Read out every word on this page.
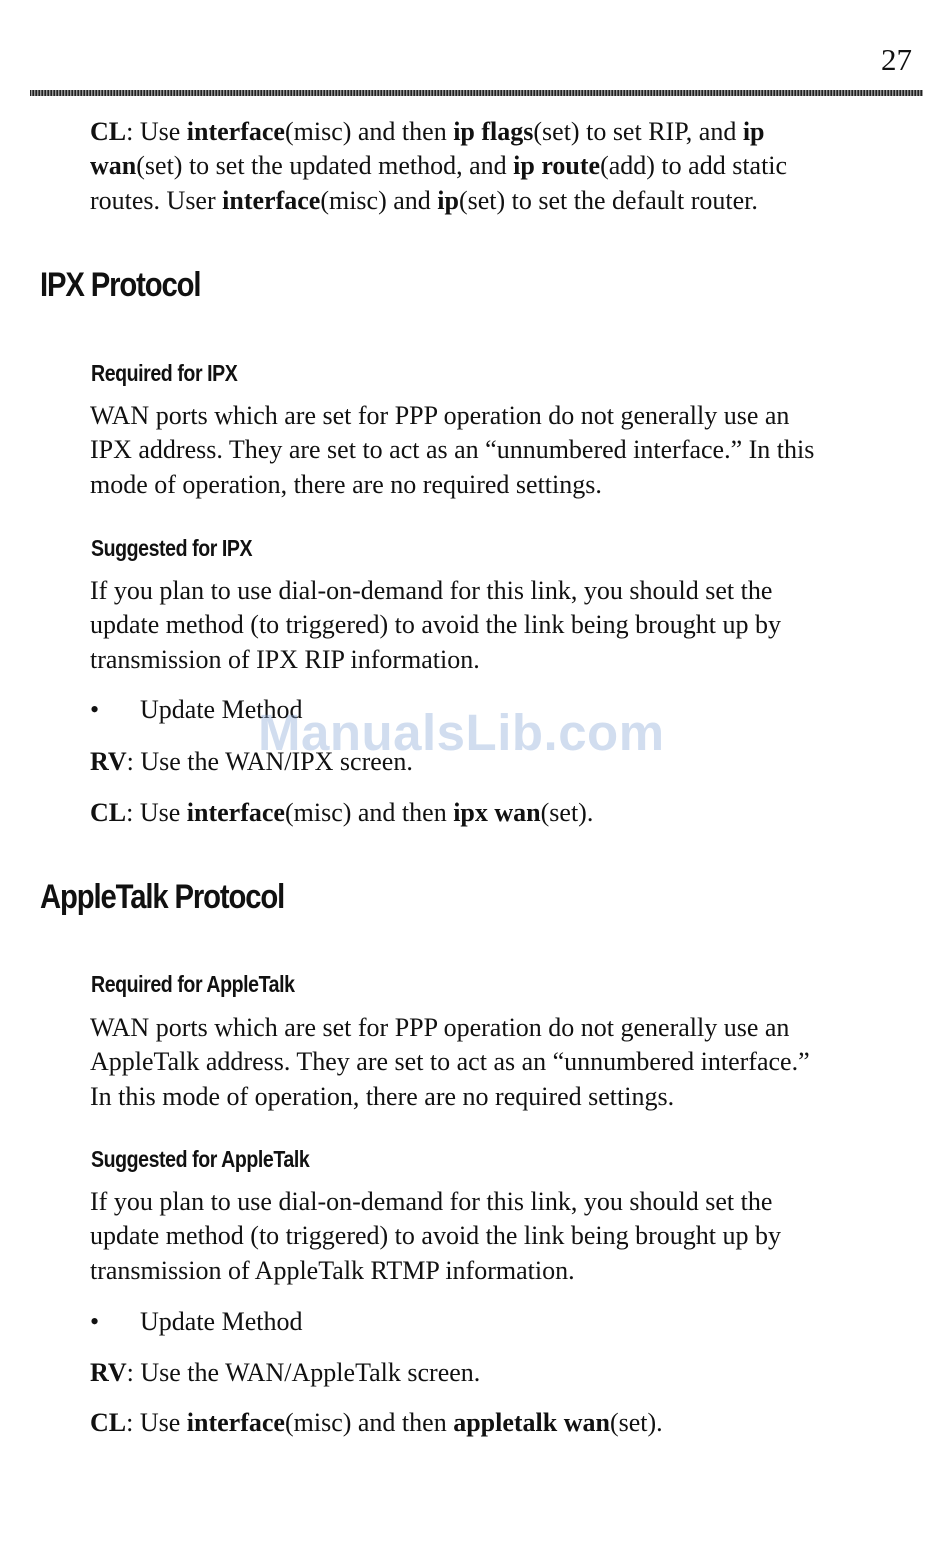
27
CL: Use interface(misc) and then ip flags(set) to set RIP, and ip
wan(set) to set the updated method, and ip route(add) to add static
routes. User interface(misc) and ip(set) to set the default router.
IPX Protocol
Required for IPX
WAN ports which are set for PPP operation do not generally use an
IPX address. They are set to act as an “unnumbered interface.” In this
mode of operation, there are no required settings.
Suggested for IPX
If you plan to use dial-on-demand for this link, you should set the
update method (to triggered) to avoid the link being brought up by
transmission of IPX RIP information.
• Update Method
RV: Use the WAN/IPX screen.
CL: Use interface(misc) and then ipx wan(set).
AppleTalk Protocol
Required for AppleTalk
WAN ports which are set for PPP operation do not generally use an
AppleTalk address. They are set to act as an “unnumbered interface.”
In this mode of operation, there are no required settings.
Suggested for AppleTalk
If you plan to use dial-on-demand for this link, you should set the
update method (to triggered) to avoid the link being brought up by
transmission of AppleTalk RTMP information.
• Update Method
RV: Use the WAN/AppleTalk screen.
CL: Use interface(misc) and then appletalk wan(set).
ManualsLib.com
